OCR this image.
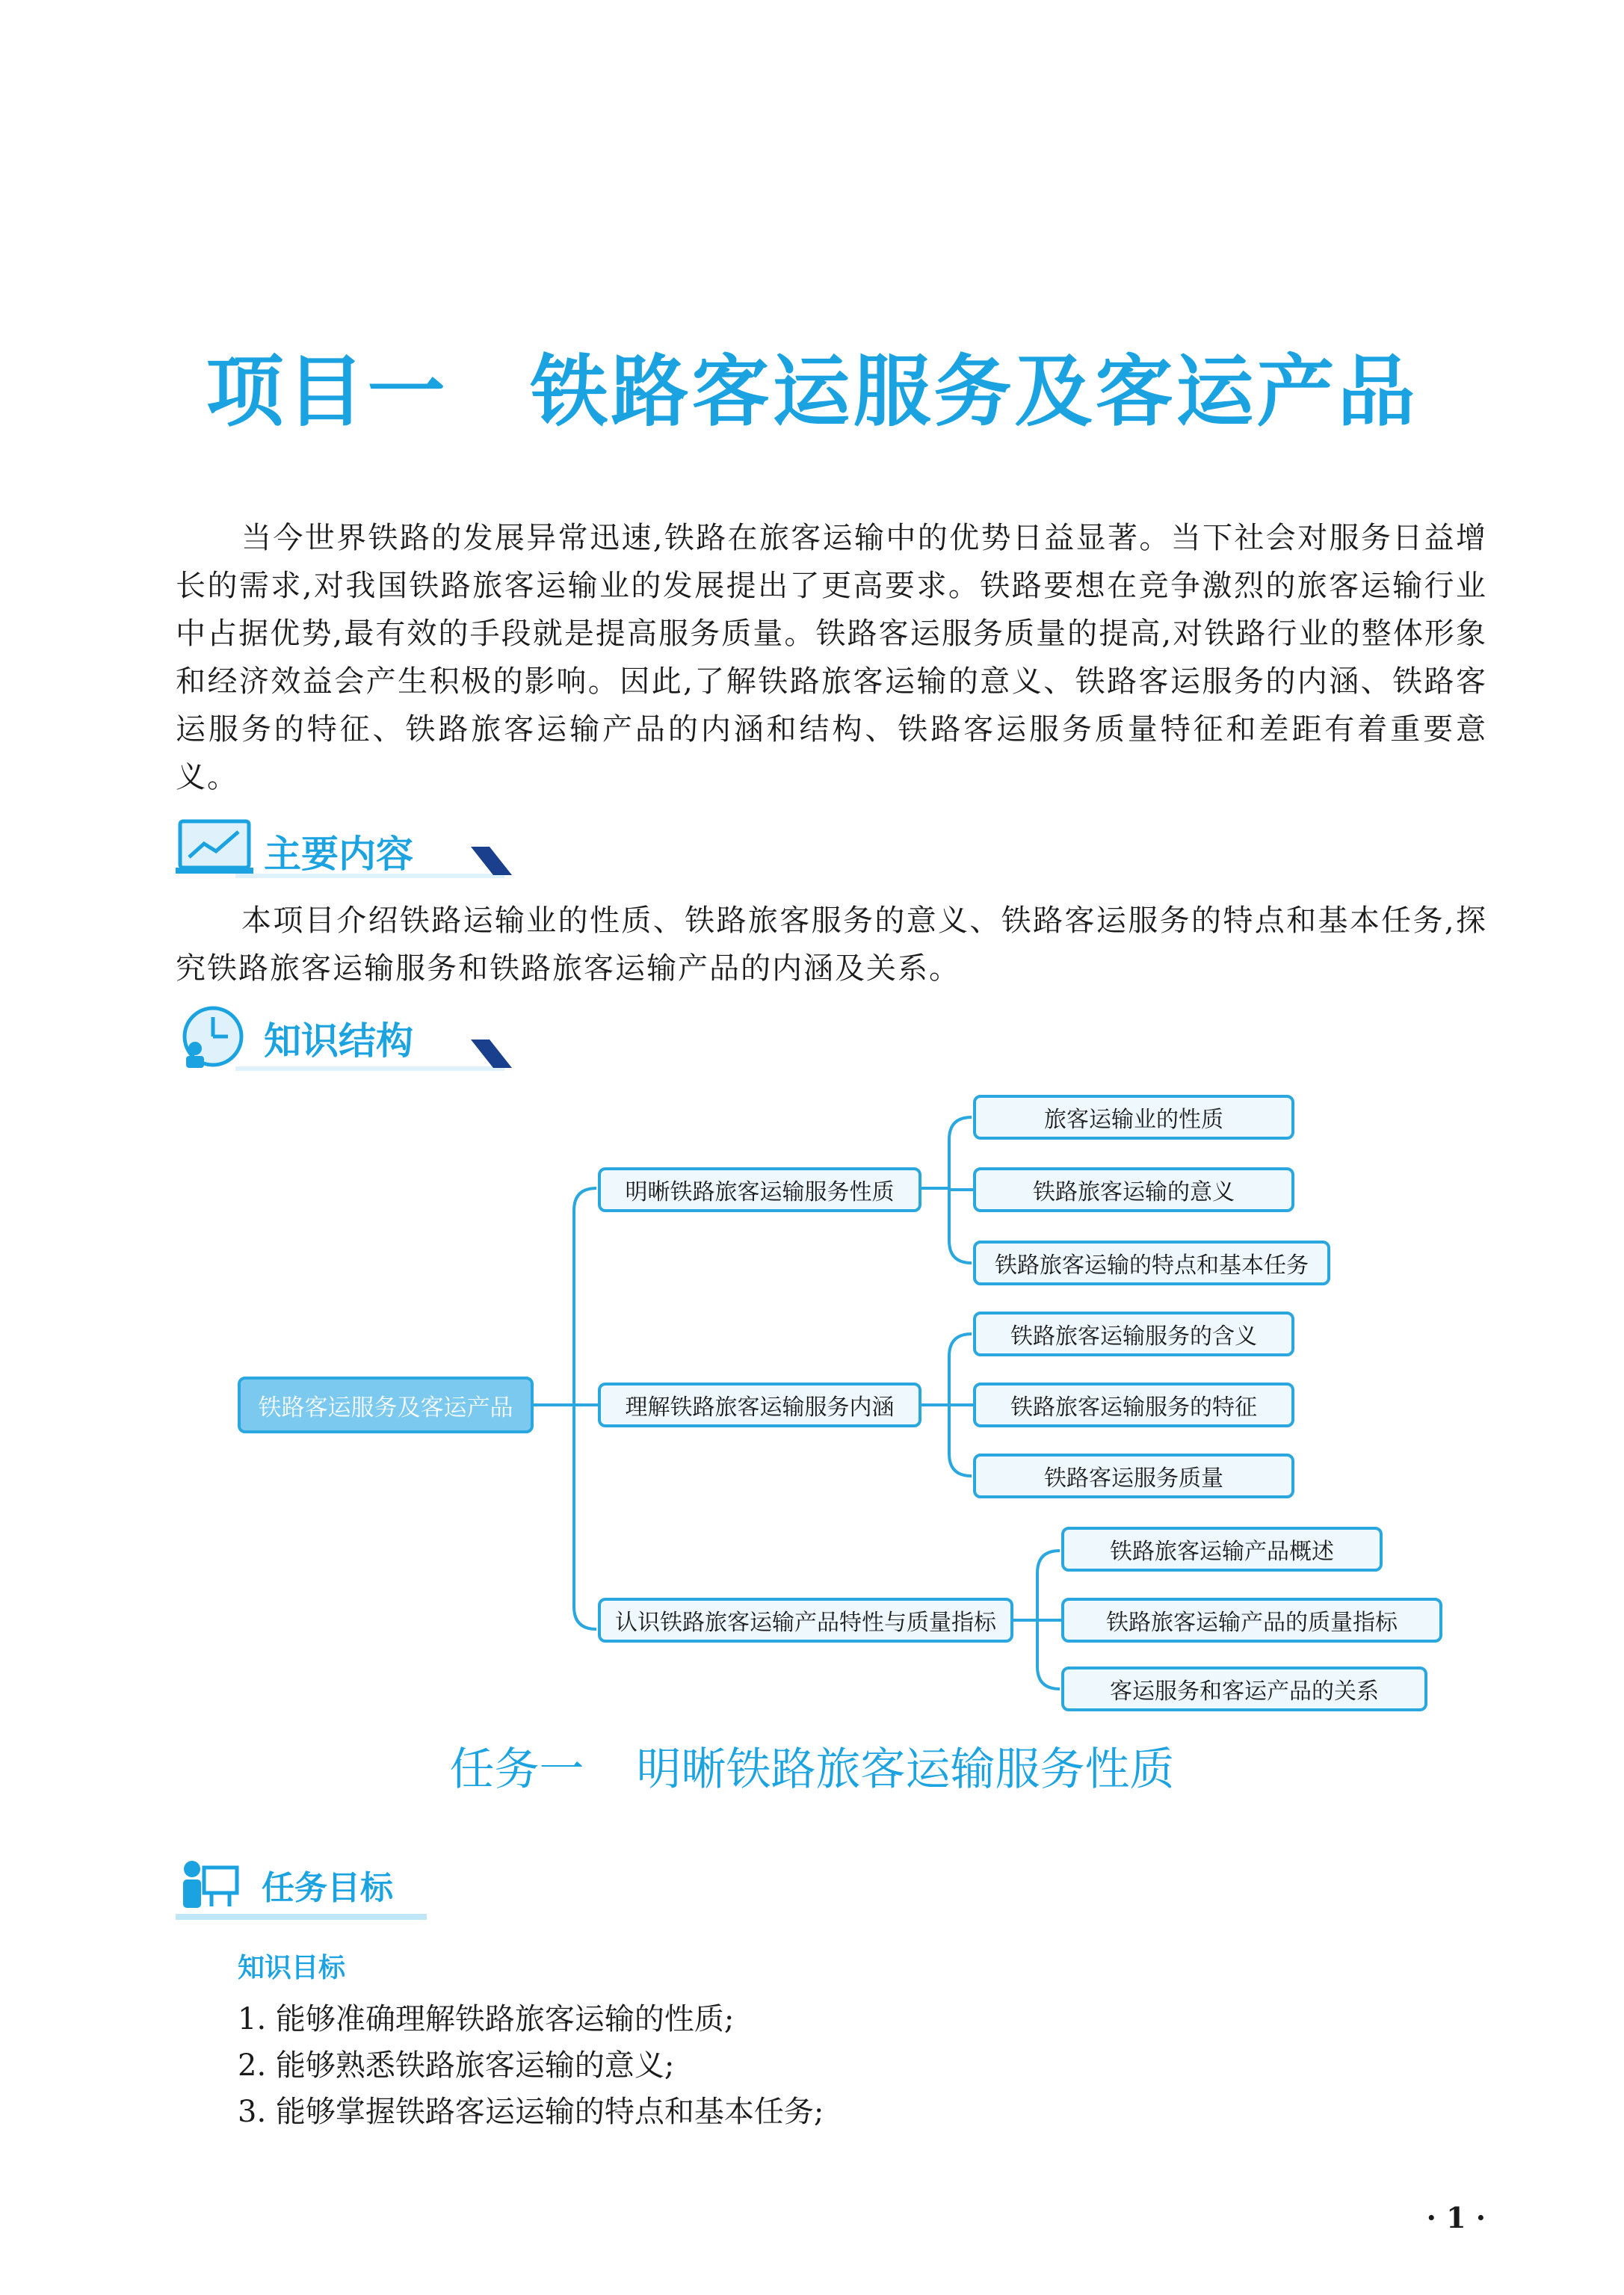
项目一 铁路客运服务及客运产品

当今世界铁路的发展异常迅速,铁路在旅客运输中的优势日益显著。当下社会对服务日益增长的需求,对我国铁路旅客运输业的发展提出了更高要求。铁路要想在竞争激烈的旅客运输行业中占据优势,最有效的手段就是提高服务质量。铁路客运服务质量的提高,对铁路行业的整体形象和经济效益会产生积极的影响。因此,了解铁路旅客运输的意义、铁路客运服务的内涵、铁路客运服务的特征、铁路旅客运输产品的内涵和结构、铁路客运服务质量特征和差距有着重要意义。

主要内容

本项目介绍铁路运输业的性质、铁路旅客服务的意义、铁路客运服务的特点和基本任务,探究铁路旅客运输服务和铁路旅客运输产品的内涵及关系。

知识结构
铁路客运服务及客运产品
明晰铁路旅客运输服务性质
旅客运输业的性质
铁路旅客运输的意义
铁路旅客运输的特点和基本任务
理解铁路旅客运输服务内涵
铁路旅客运输服务的含义
铁路旅客运输服务的特征
铁路客运服务质量
认识铁路旅客运输产品特性与质量指标
铁路旅客运输产品概述
铁路旅客运输产品的质量指标
客运服务和客运产品的关系
任务一 明晰铁路旅客运输服务性质
任务目标
知识目标
1. 能够准确理解铁路旅客运输的性质;
2. 能够熟悉铁路旅客运输的意义;
3. 能够掌握铁路客运运输的特点和基本任务;
· 1 ·
